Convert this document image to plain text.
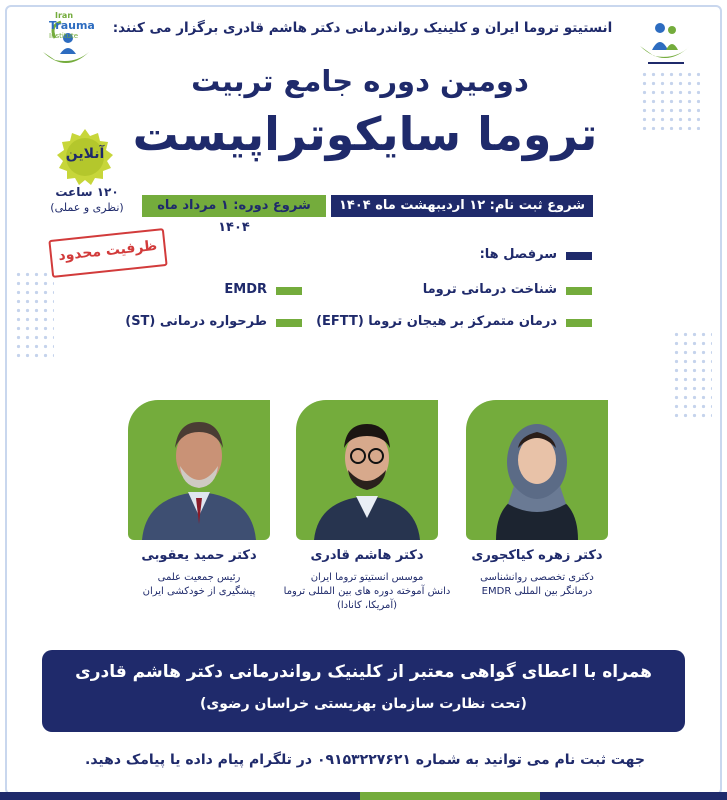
Iran
Trauma
Institute	انستیتو تروما ایران و کلینیک رواندرمانی دکتر هاشم قادری برگزار می کنند:
دومین دوره جامع تربیت
تروما سایکوتراپیست
آنلاین
۱۲۰ ساعت
(نظری و عملی)	شروع ثبت نام: ۱۲ اردیبهشت ماه ۱۴۰۴
شروع دوره: ۱ مرداد ماه ۱۴۰۴
ظرفیت محدود	سرفصل ها:
شناخت درمانی تروما
درمان متمرکز بر هیجان تروما (EFTT)
EMDR
طرحواره درمانی (ST)
دکتر زهره کیاکجوری
دکتری تخصصی روانشناسی
درمانگر بین المللی EMDR
دکتر هاشم قادری
موسس انستیتو تروما ایران
دانش آموخته دوره های بین المللی تروما
(آمریکا، کانادا)
دکتر حمید یعقوبی
رئیس جمعیت علمی
پیشگیری از خودکشی ایران
همراه با اعطای گواهی معتبر از کلینیک رواندرمانی دکتر هاشم قادری
(تحت نظارت سازمان بهزیستی خراسان رضوی)
جهت ثبت نام می توانید به شماره ۰۹۱۵۳۲۲۷۶۲۱ در تلگرام پیام داده یا پیامک دهید.
